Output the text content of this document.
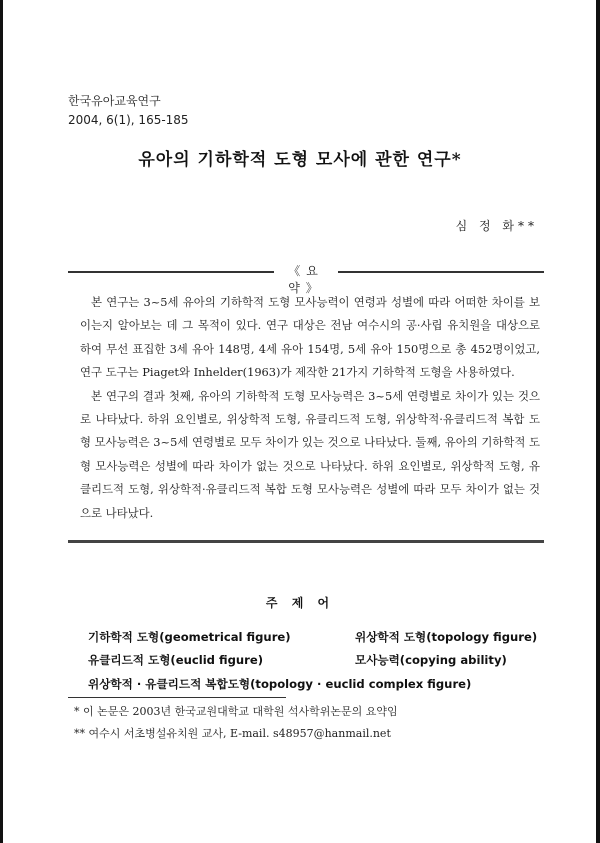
한국유아교육연구
2004, 6(1), 165-185
유아의 기하학적 도형 모사에 관한 연구*
심 정 화**
《요 약》

본 연구는 3~5세 유아의 기하학적 도형 모사능력이 연령과 성별에 따라 어떠한 차이를 보이는지 알아보는 데 그 목적이 있다. 연구 대상은 전남 여수시의 공·사립 유치원을 대상으로 하여 무선 표집한 3세 유아 148명, 4세 유아 154명, 5세 유아 150명으로 총 452명이었고, 연구 도구는 Piaget와 Inhelder(1963)가 제작한 21가지 기하학적 도형을 사용하였다.

본 연구의 결과 첫째, 유아의 기하학적 도형 모사능력은 3~5세 연령별로 차이가 있는 것으로 나타났다. 하위 요인별로, 위상학적 도형, 유클리드적 도형, 위상학적·유클리드적 복합 도형 모사능력은 3~5세 연령별로 모두 차이가 있는 것으로 나타났다. 둘째, 유아의 기하학적 도형 모사능력은 성별에 따라 차이가 없는 것으로 나타났다. 하위 요인별로, 위상학적 도형, 유클리드적 도형, 위상학적·유클리드적 복합 도형 모사능력은 성별에 따라 모두 차이가 없는 것으로 나타났다.

주 제 어
기하학적 도형(geometrical figure)	위상학적 도형(topology figure)
유클리드적 도형(euclid figure)	모사능력(copying ability)
위상학적 · 유클리드적 복합도형(topology · euclid complex figure)
* 이 논문은 2003년 한국교원대학교 대학원 석사학위논문의 요약임
** 여수시 서초병설유치원 교사, E-mail. s48957@hanmail.net
